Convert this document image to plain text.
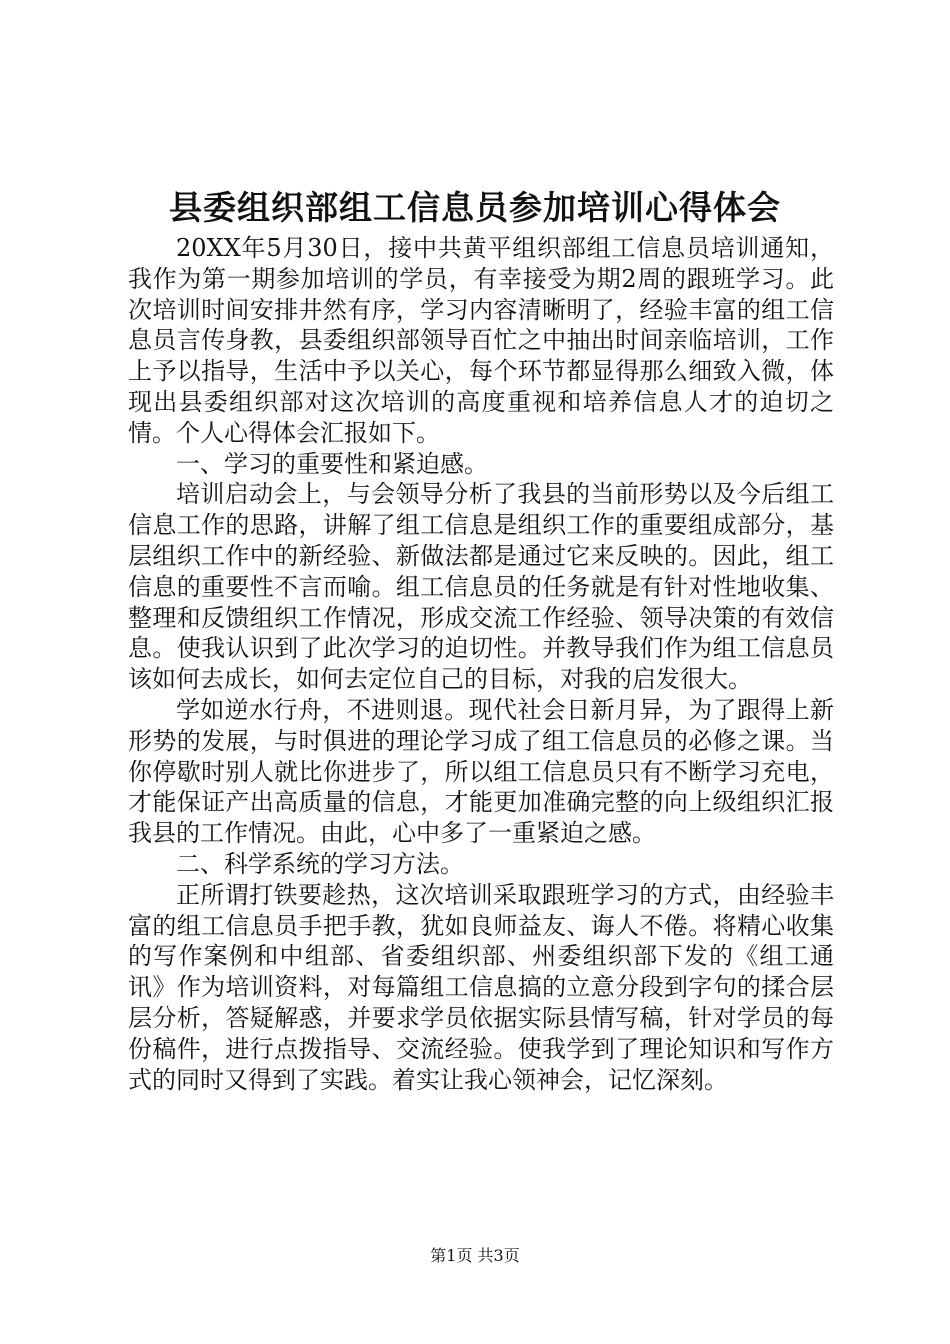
县委组织部组工信息员参加培训心得体会

20XX年5月30日，接中共黄平组织部组工信息员培训通知，我作为第一期参加培训的学员，有幸接受为期2周的跟班学习。此次培训时间安排井然有序，学习内容清晰明了，经验丰富的组工信息员言传身教，县委组织部领导百忙之中抽出时间亲临培训，工作上予以指导，生活中予以关心，每个环节都显得那么细致入微，体现出县委组织部对这次培训的高度重视和培养信息人才的迫切之情。个人心得体会汇报如下。

一、学习的重要性和紧迫感。

培训启动会上，与会领导分析了我县的当前形势以及今后组工信息工作的思路，讲解了组工信息是组织工作的重要组成部分，基层组织工作中的新经验、新做法都是通过它来反映的。因此，组工信息的重要性不言而喻。组工信息员的任务就是有针对性地收集、整理和反馈组织工作情况，形成交流工作经验、领导决策的有效信息。使我认识到了此次学习的迫切性。并教导我们作为组工信息员该如何去成长，如何去定位自己的目标，对我的启发很大。

学如逆水行舟，不进则退。现代社会日新月异，为了跟得上新形势的发展，与时俱进的理论学习成了组工信息员的必修之课。当你停歇时别人就比你进步了，所以组工信息员只有不断学习充电，才能保证产出高质量的信息，才能更加准确完整的向上级组织汇报我县的工作情况。由此，心中多了一重紧迫之感。

二、科学系统的学习方法。

正所谓打铁要趁热，这次培训采取跟班学习的方式，由经验丰富的组工信息员手把手教，犹如良师益友、诲人不倦。将精心收集的写作案例和中组部、省委组织部、州委组织部下发的《组工通讯》作为培训资料，对每篇组工信息搞的立意分段到字句的揉合层层分析，答疑解惑，并要求学员依据实际县情写稿，针对学员的每份稿件，进行点拨指导、交流经验。使我学到了理论知识和写作方式的同时又得到了实践。着实让我心领神会，记忆深刻。

第1页 共3页
